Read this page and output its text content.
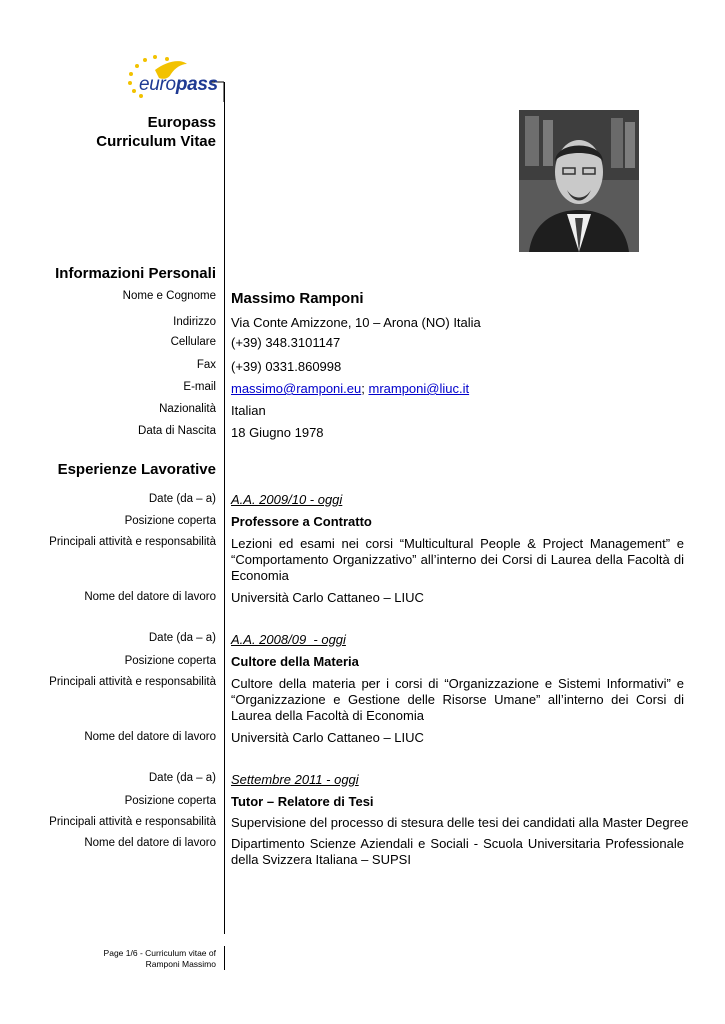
europass
Europass
Curriculum Vitae
Informazioni Personali
Nome e Cognome Massimo Ramponi
Indirizzo Via Conte Amizzone, 10 – Arona (NO) Italia
Cellulare (+39) 348.3101147
Fax (+39) 0331.860998
E-mail massimo@ramponi.eu; mramponi@liuc.it
Nazionalità Italian
Data di Nascita 18 Giugno 1978
Esperienze Lavorative
Date (da – a) A.A. 2009/10 - oggi
Posizione coperta Professore a Contratto
Principali attività e responsabilità Lezioni ed esami nei corsi “Multicultural People & Project Management” e “Comportamento Organizzativo” all’interno dei Corsi di Laurea della Facoltà di Economia
Nome del datore di lavoro Università Carlo Cattaneo – LIUC
Date (da – a) A.A. 2008/09  - oggi
Posizione coperta Cultore della Materia
Principali attività e responsabilità Cultore della materia per i corsi di “Organizzazione e Sistemi Informativi” e “Organizzazione e Gestione delle Risorse Umane” all’interno dei Corsi di Laurea della Facoltà di Economia
Nome del datore di lavoro Università Carlo Cattaneo – LIUC
Date (da – a) Settembre 2011 - oggi
Posizione coperta Tutor – Relatore di Tesi
Principali attività e responsabilità Supervisione del processo di stesura delle tesi dei candidati alla Master Degree
Nome del datore di lavoro Dipartimento Scienze Aziendali e Sociali - Scuola Universitaria Professionale della Svizzera Italiana – SUPSI
Page 1/6 - Curriculum vitae of
Ramponi Massimo
